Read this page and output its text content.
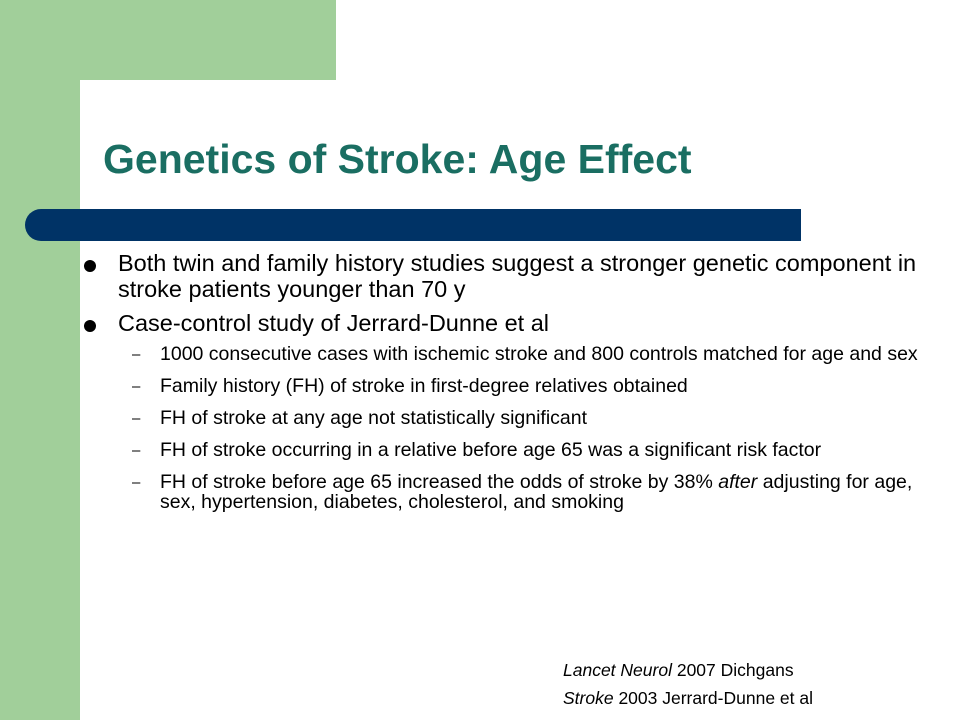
Genetics of Stroke: Age Effect
Both twin and family history studies suggest a stronger genetic component in stroke patients younger than 70 y
Case-control study of Jerrard-Dunne et al
– 1000 consecutive cases with ischemic stroke and 800 controls matched for age and sex
– Family history (FH) of stroke in first-degree relatives obtained
– FH of stroke at any age not statistically significant
– FH of stroke occurring in a relative before age 65 was a significant risk factor
– FH of stroke before age 65 increased the odds of stroke by 38% after adjusting for age, sex, hypertension, diabetes, cholesterol, and smoking
Lancet Neurol 2007 Dichgans
Stroke 2003 Jerrard-Dunne et al
